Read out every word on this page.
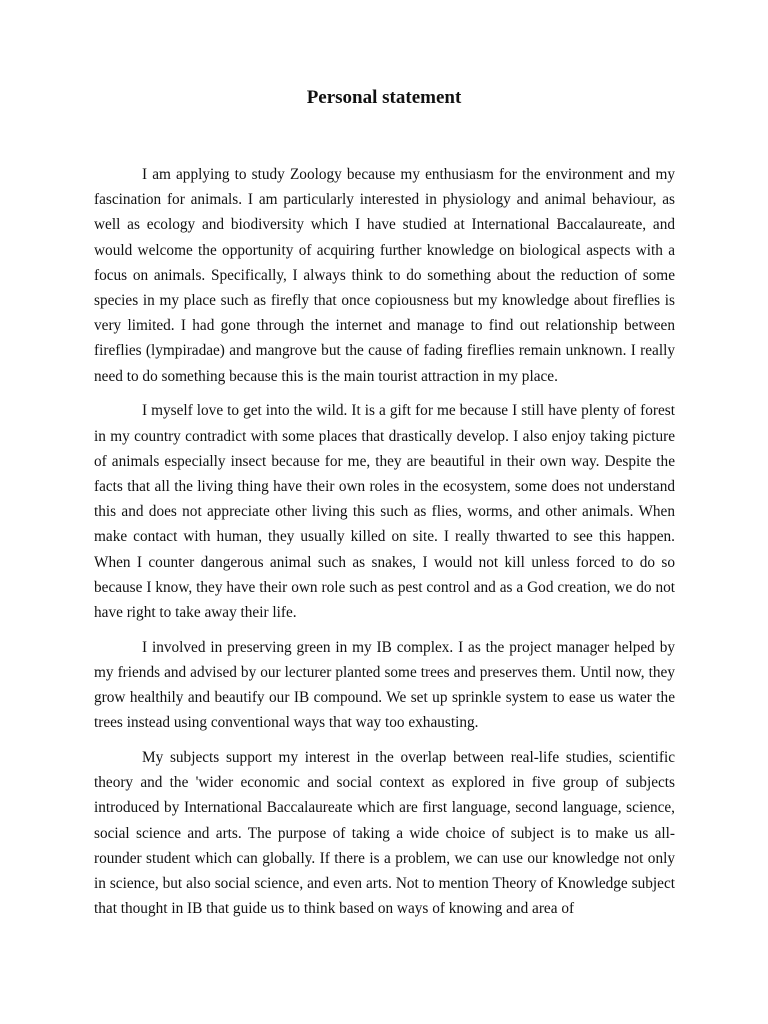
Personal statement

I am applying to study Zoology because my enthusiasm for the environment and my fascination for animals. I am particularly interested in physiology and animal behaviour, as well as ecology and biodiversity which I have studied at International Baccalaureate, and would welcome the opportunity of acquiring further knowledge on biological aspects with a focus on animals. Specifically, I always think to do something about the reduction of some species in my place such as firefly that once copiousness but my knowledge about fireflies is very limited. I had gone through the internet and manage to find out relationship between fireflies (lympiradae) and mangrove but the cause of fading fireflies remain unknown. I really need to do something because this is the main tourist attraction in my place.

I myself love to get into the wild. It is a gift for me because I still have plenty of forest in my country contradict with some places that drastically develop. I also enjoy taking picture of animals especially insect because for me, they are beautiful in their own way. Despite the facts that all the living thing have their own roles in the ecosystem, some does not understand this and does not appreciate other living this such as flies, worms, and other animals. When make contact with human, they usually killed on site. I really thwarted to see this happen. When I counter dangerous animal such as snakes, I would not kill unless forced to do so because I know, they have their own role such as pest control and as a God creation, we do not have right to take away their life.

I involved in preserving green in my IB complex. I as the project manager helped by my friends and advised by our lecturer planted some trees and preserves them. Until now, they grow healthily and beautify our IB compound. We set up sprinkle system to ease us water the trees instead using conventional ways that way too exhausting.

My subjects support my interest in the overlap between real-life studies, scientific theory and the 'wider economic and social context as explored in five group of subjects introduced by International Baccalaureate which are first language, second language, science, social science and arts. The purpose of taking a wide choice of subject is to make us all-rounder student which can globally. If there is a problem, we can use our knowledge not only in science, but also social science, and even arts. Not to mention Theory of Knowledge subject that thought in IB that guide us to think based on ways of knowing and area of
